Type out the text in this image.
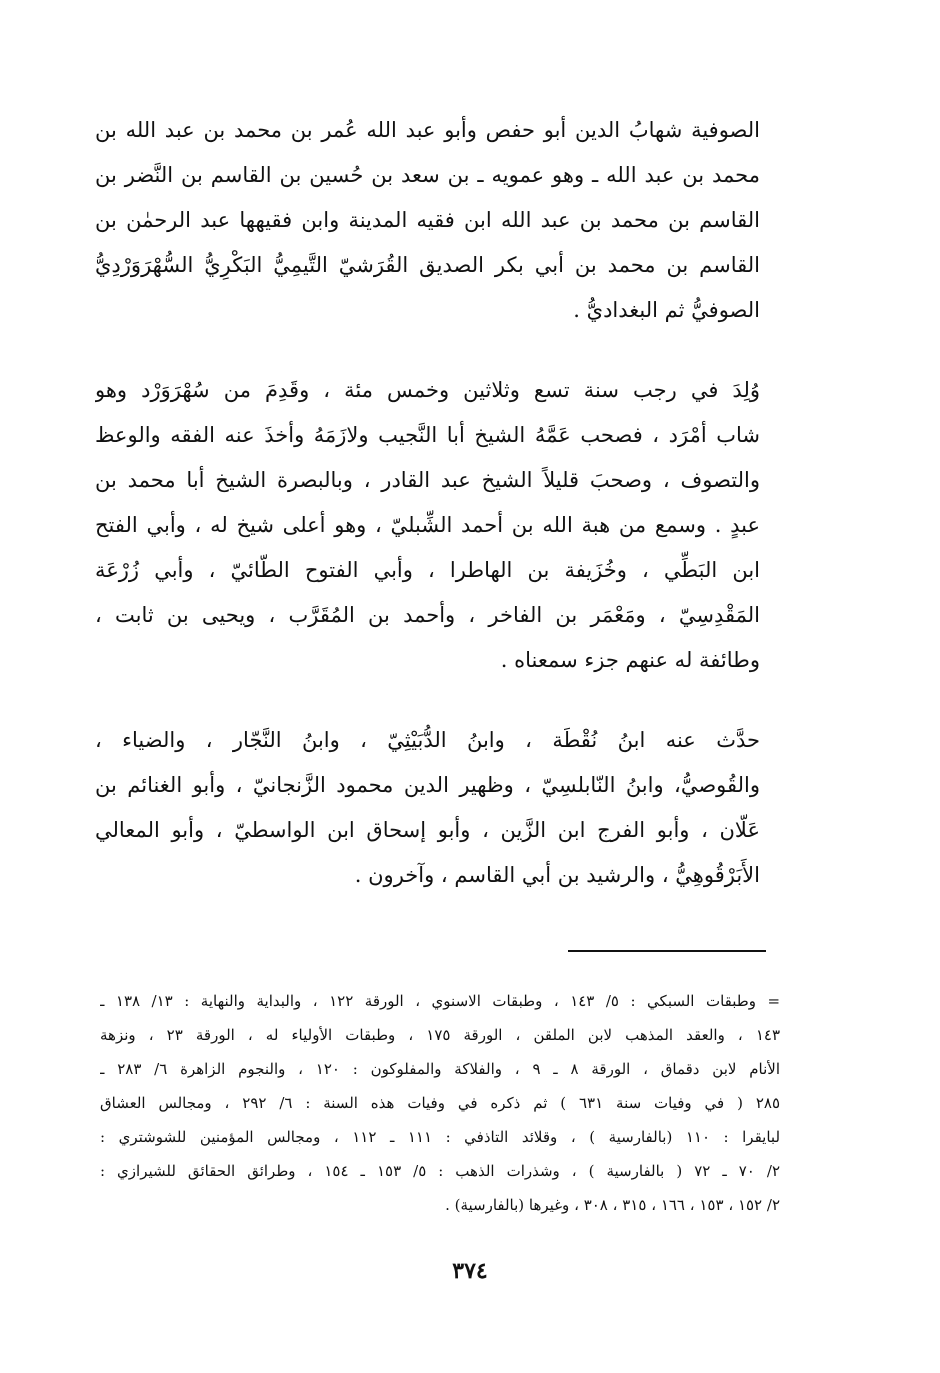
الصوفية شهابُ الدين أبو حفص وأبو عبد الله عُمر بن محمد بن عبد الله بن
محمد بن عبد الله ـ وهو عمويه ـ بن سعد بن حُسين بن القاسم بن النَّضر بن
القاسم بن محمد بن عبد الله ابن فقيه المدينة وابن فقيهها عبد الرحمٰن بن
القاسم بن محمد بن أبي بكر الصديق القُرَشيّ التَّيمِيُّ البَكْرِيُّ السُّهْرَوَرْدِيُّ
الصوفيُّ ثم البغداديُّ .
وُلِدَ في رجب سنة تسع وثلاثين وخمس مئة ، وقَدِمَ من سُهْرَوَرْد وهو
شاب أمْرَد ، فصحب عَمَّهُ الشيخ أبا النَّجيب ولازَمَهُ وأخذَ عنه الفقه والوعظ
والتصوف ، وصحبَ قليلاً الشيخ عبد القادر ، وبالبصرة الشيخ أبا محمد بن
عبدٍ . وسمع من هبة الله بن أحمد الشِّبليّ ، وهو أعلى شيخ له ، وأبي الفتح
ابن البَطِّي ، وخُزَيفة بن الهاطرا ، وأبي الفتوح الطّائيّ ، وأبي زُرْعَة
المَقْدِسِيّ ، ومَعْمَر بن الفاخر ، وأحمد بن المُقَرَّب ، ويحيى بن ثابت ،
وطائفة له عنهم جزء سمعناه .
حدَّث عنه ابنُ نُقْطَة ، وابنُ الدُّبَيْثِيّ ، وابنُ النَّجّار ، والضياء ،
والقُوصيُّ، وابنُ النّابلسِيّ ، وظهير الدين محمود الزَّنجانيّ ، وأبو الغنائم بن
عَلّان ، وأبو الفرج ابن الزَّين ، وأبو إسحاق ابن الواسطيّ ، وأبو المعالي
الأَبَرْقُوهِيُّ ، والرشيد بن أبي القاسم ، وآخرون .
= وطبقات السبكي : ٥/ ١٤٣ ، وطبقات الاسنوي ، الورقة ١٢٢ ، والبداية والنهاية : ١٣/ ١٣٨ ـ
١٤٣ ، والعقد المذهب لابن الملقن ، الورقة ١٧٥ ، وطبقات الأولياء له ، الورقة ٢٣ ، ونزهة
الأنام لابن دقماق ، الورقة ٨ ـ ٩ ، والفلاكة والمفلوكون : ١٢٠ ، والنجوم الزاهرة ٦/ ٢٨٣ ـ
٢٨٥ ( في وفيات سنة ٦٣١ ) ثم ذكره في وفيات هذه السنة : ٦/ ٢٩٢ ، ومجالس العشاق
لبايقرا : ١١٠ (بالفارسية ) ، وقلائد التاذفي : ١١١ ـ ١١٢ ، ومجالس المؤمنين للشوشتري :
٢/ ٧٠ ـ ٧٢ ( بالفارسية ) ، وشذرات الذهب : ٥/ ١٥٣ ـ ١٥٤ ، وطرائق الحقائق للشيرازي :
٢/ ١٥٢ ، ١٥٣ ، ١٦٦ ، ٣١٥ ، ٣٠٨ ، وغيرها (بالفارسية) .
٣٧٤
